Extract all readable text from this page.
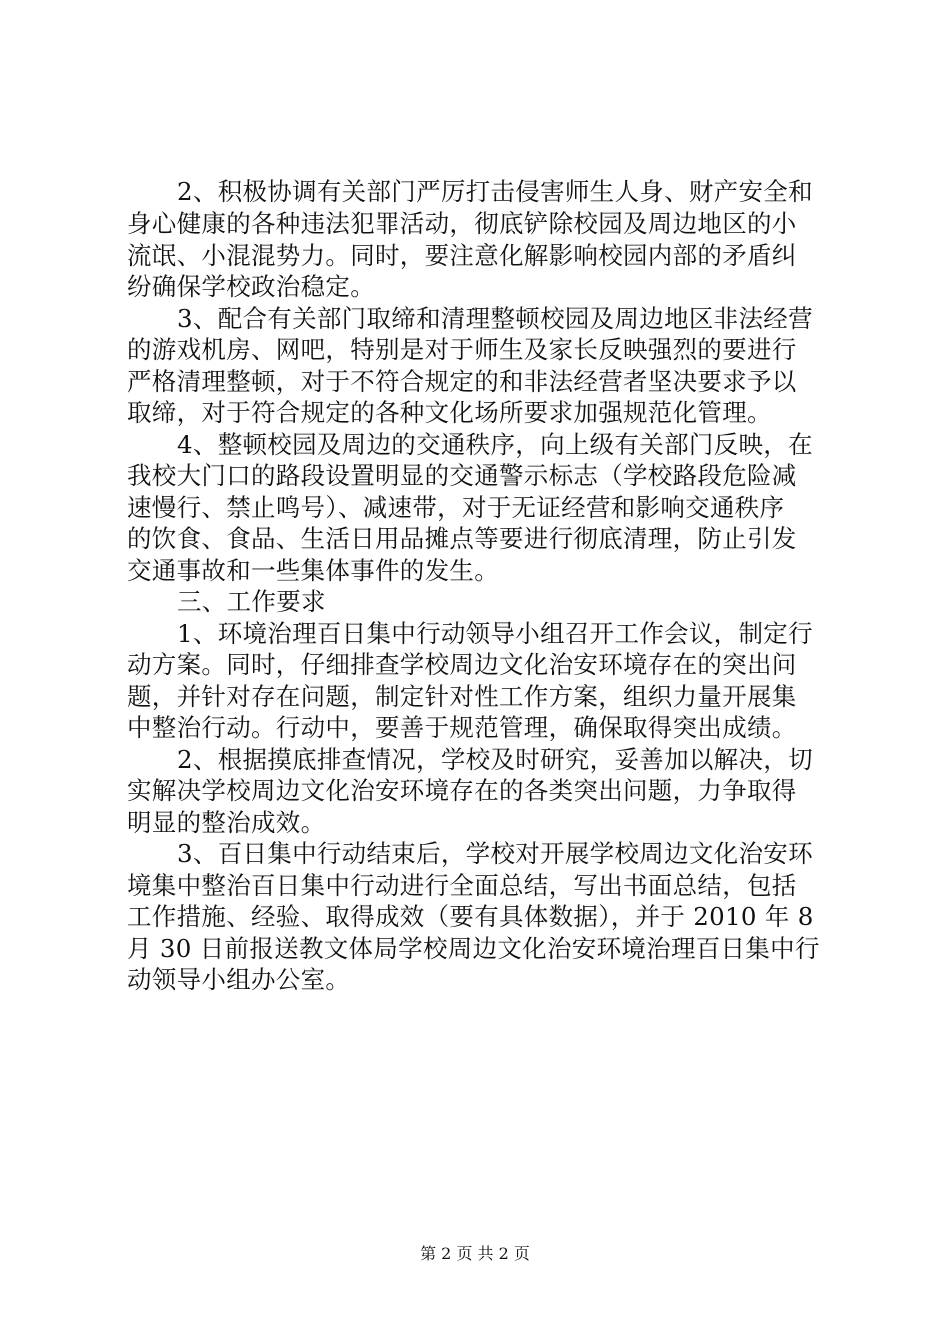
2、积极协调有关部门严厉打击侵害师生人身、财产安全和
身心健康的各种违法犯罪活动，彻底铲除校园及周边地区的小
流氓、小混混势力。同时，要注意化解影响校园内部的矛盾纠
纷确保学校政治稳定。
3、配合有关部门取缔和清理整顿校园及周边地区非法经营
的游戏机房、网吧，特别是对于师生及家长反映强烈的要进行
严格清理整顿，对于不符合规定的和非法经营者坚决要求予以
取缔，对于符合规定的各种文化场所要求加强规范化管理。
4、整顿校园及周边的交通秩序，向上级有关部门反映，在
我校大门口的路段设置明显的交通警示标志（学校路段危险减
速慢行、禁止鸣号）、减速带，对于无证经营和影响交通秩序
的饮食、食品、生活日用品摊点等要进行彻底清理，防止引发
交通事故和一些集体事件的发生。
三、工作要求
1、环境治理百日集中行动领导小组召开工作会议，制定行
动方案。同时，仔细排查学校周边文化治安环境存在的突出问
题，并针对存在问题，制定针对性工作方案，组织力量开展集
中整治行动。行动中，要善于规范管理，确保取得突出成绩。
2、根据摸底排查情况，学校及时研究，妥善加以解决，切
实解决学校周边文化治安环境存在的各类突出问题，力争取得
明显的整治成效。
3、百日集中行动结束后，学校对开展学校周边文化治安环
境集中整治百日集中行动进行全面总结，写出书面总结，包括
工作措施、经验、取得成效（要有具体数据），并于 2010 年 8
月 30 日前报送教文体局学校周边文化治安环境治理百日集中行
动领导小组办公室。
第 2 页 共 2 页
